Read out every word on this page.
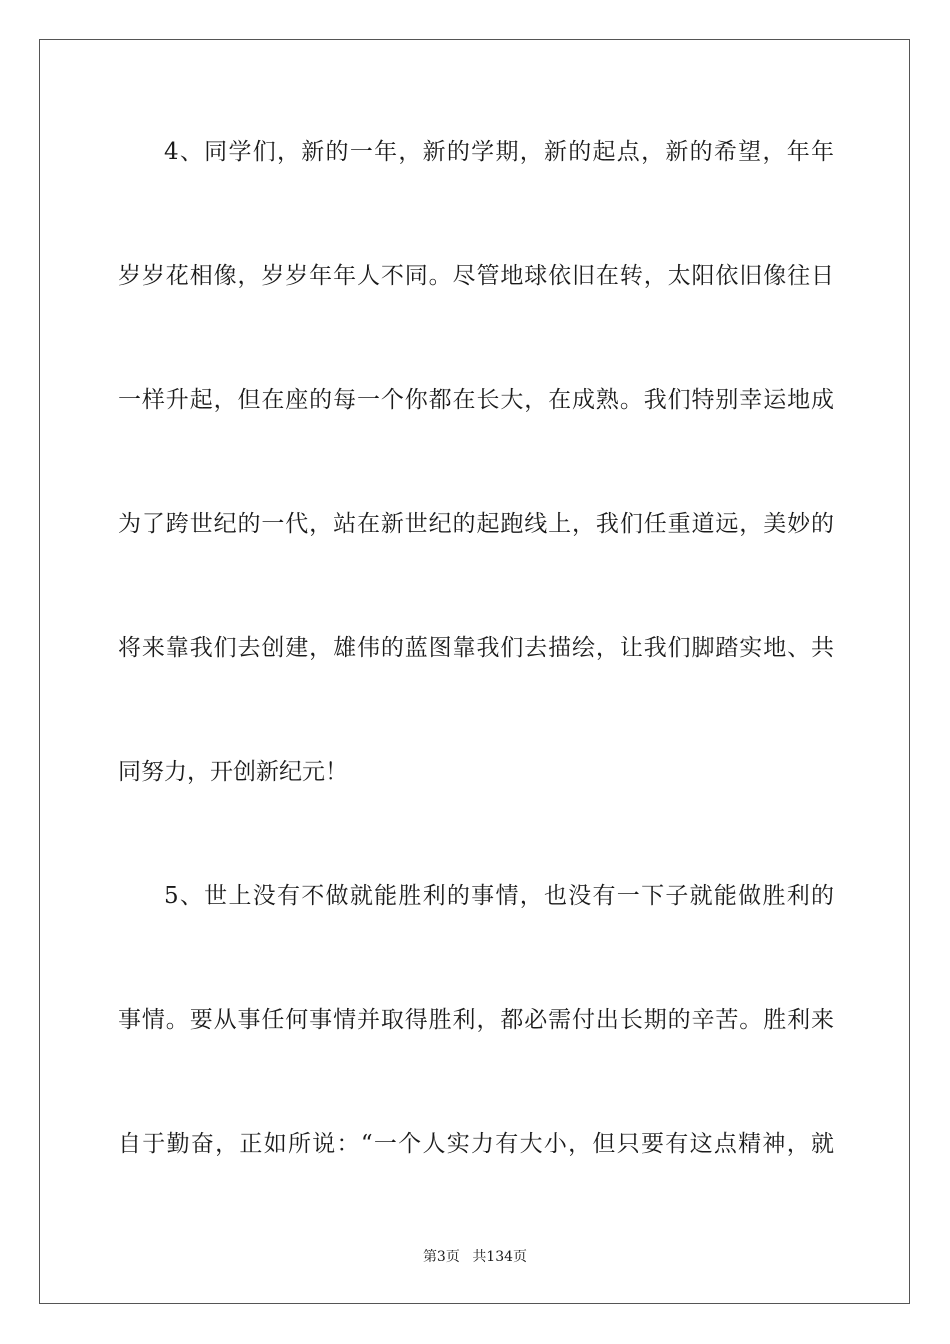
4、同学们，新的一年，新的学期，新的起点，新的希望，年年
岁岁花相像，岁岁年年人不同。尽管地球依旧在转，太阳依旧像往日
一样升起，但在座的每一个你都在长大，在成熟。我们特别幸运地成
为了跨世纪的一代，站在新世纪的起跑线上，我们任重道远，美妙的
将来靠我们去创建，雄伟的蓝图靠我们去描绘，让我们脚踏实地、共
同努力，开创新纪元！
5、世上没有不做就能胜利的事情，也没有一下子就能做胜利的
事情。要从事任何事情并取得胜利，都必需付出长期的辛苦。胜利来
自于勤奋，正如所说：“一个人实力有大小，但只要有这点精神，就
第3页 共134页
